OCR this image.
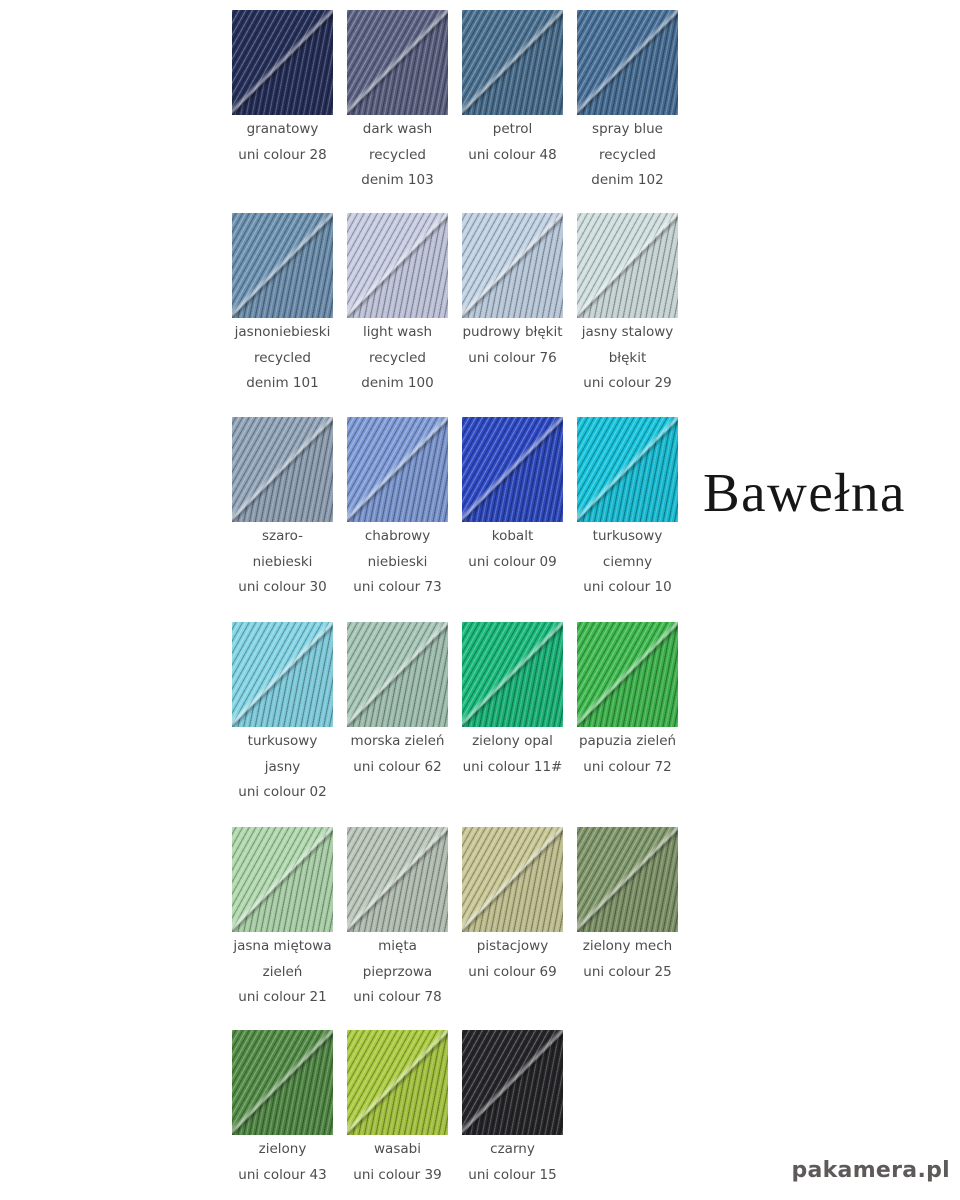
granatowy
uni colour 28
dark wash
recycled
denim 103
petrol
uni colour 48
spray blue
recycled
denim 102
jasnoniebieski
recycled
denim 101
light wash
recycled
denim 100
pudrowy błękit
uni colour 76
jasny stalowy
błękit
uni colour 29
szaro-
niebieski
uni colour 30
chabrowy
niebieski
uni colour 73
kobalt
uni colour 09
turkusowy
ciemny
uni colour 10
turkusowy
jasny
uni colour 02
morska zieleń
uni colour 62
zielony opal
uni colour 11#
papuzia zieleń
uni colour 72
jasna miętowa
zieleń
uni colour 21
mięta
pieprzowa
uni colour 78
pistacjowy
uni colour 69
zielony mech
uni colour 25
zielony
uni colour 43
wasabi
uni colour 39
czarny
uni colour 15
Bawełna
pakamera.pl
